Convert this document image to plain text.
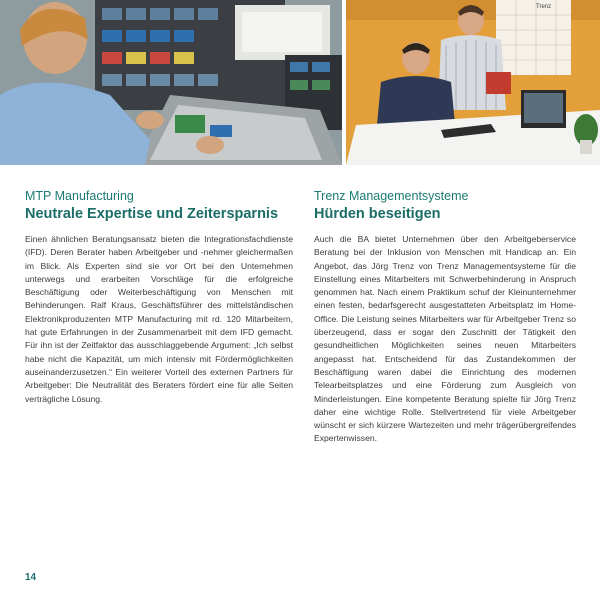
Trenz

MTP Manufacturing

Neutrale Expertise und Zeitersparnis

Einen ähnlichen Beratungsansatz bieten die Integrationsfachdienste (IFD). Deren Berater haben Arbeitgeber und -nehmer gleichermaßen im Blick. Als Experten sind sie vor Ort bei den Unternehmen unterwegs und erarbeiten Vorschläge für die erfolgreiche Beschäftigung oder Weiterbeschäftigung von Menschen mit Behinderungen. Ralf Kraus, Geschäftsführer des mittelständischen Elektronikproduzenten MTP Manufacturing mit rd. 120 Mitarbeitern, hat gute Erfahrungen in der Zusammenarbeit mit dem IFD gemacht. Für ihn ist der Zeitfaktor das ausschlaggebende Argument: „Ich selbst habe nicht die Kapazität, um mich intensiv mit Fördermöglichkeiten auseinanderzusetzen.“ Ein weiterer Vorteil des externen Partners für Arbeitgeber: Die Neutralität des Beraters fördert eine für alle Seiten verträgliche Lösung.

Trenz Managementsysteme

Hürden beseitigen

Auch die BA bietet Unternehmen über den Arbeitgeberservice Beratung bei der Inklusion von Menschen mit Handicap an. Ein Angebot, das Jörg Trenz von Trenz Managementsysteme für die Einstellung eines Mitarbeiters mit Schwerbehinderung in Anspruch genommen hat. Nach einem Praktikum schuf der Kleinunternehmer einen festen, bedarfsgerecht ausgestatteten Arbeitsplatz im Home-Office. Die Leistung seines Mitarbeiters war für Arbeitgeber Trenz so überzeugend, dass er sogar den Zuschnitt der Tätigkeit den gesundheitlichen Möglichkeiten seines neuen Mitarbeiters angepasst hat. Entscheidend für das Zustandekommen der Beschäftigung waren dabei die Einrichtung des modernen Telearbeitsplatzes und eine Förderung zum Ausgleich von Minderleistungen. Eine kompetente Beratung spielte für Jörg Trenz daher eine wichtige Rolle. Stellvertretend für viele Arbeitgeber wünscht er sich kürzere Wartezeiten und mehr trägerübergreifendes Expertenwissen.

14
